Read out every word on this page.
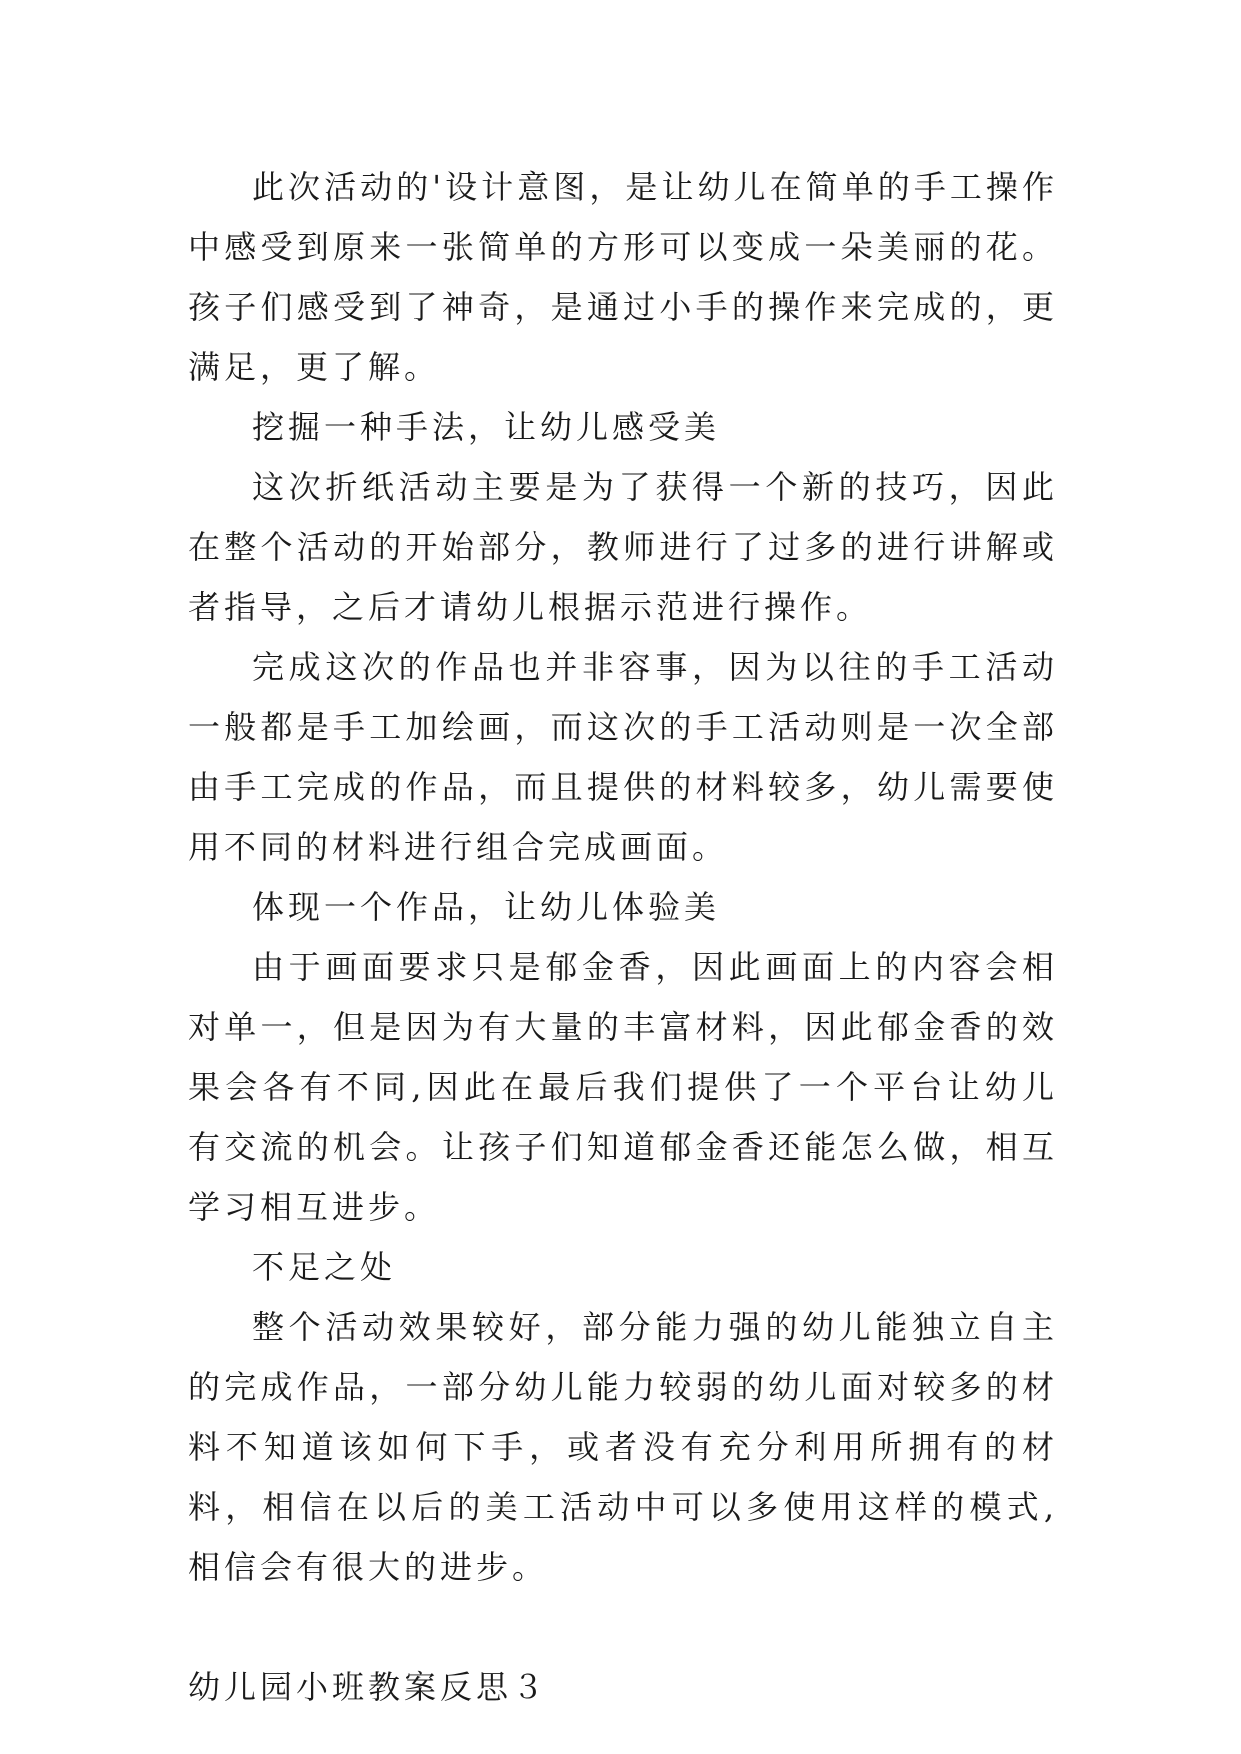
此次活动的'设计意图，是让幼儿在简单的手工操作中感受到原来一张简单的方形可以变成一朵美丽的花。孩子们感受到了神奇，是通过小手的操作来完成的，更满足，更了解。

挖掘一种手法，让幼儿感受美

这次折纸活动主要是为了获得一个新的技巧，因此在整个活动的开始部分，教师进行了过多的进行讲解或者指导，之后才请幼儿根据示范进行操作。

完成这次的作品也并非容事，因为以往的手工活动一般都是手工加绘画，而这次的手工活动则是一次全部由手工完成的作品，而且提供的材料较多，幼儿需要使用不同的材料进行组合完成画面。

体现一个作品，让幼儿体验美

由于画面要求只是郁金香，因此画面上的内容会相对单一，但是因为有大量的丰富材料，因此郁金香的效果会各有不同,因此在最后我们提供了一个平台让幼儿有交流的机会。让孩子们知道郁金香还能怎么做，相互学习相互进步。

不足之处

整个活动效果较好，部分能力强的幼儿能独立自主的完成作品，一部分幼儿能力较弱的幼儿面对较多的材料不知道该如何下手，或者没有充分利用所拥有的材料，相信在以后的美工活动中可以多使用这样的模式,相信会有很大的进步。

幼儿园小班教案反思３
